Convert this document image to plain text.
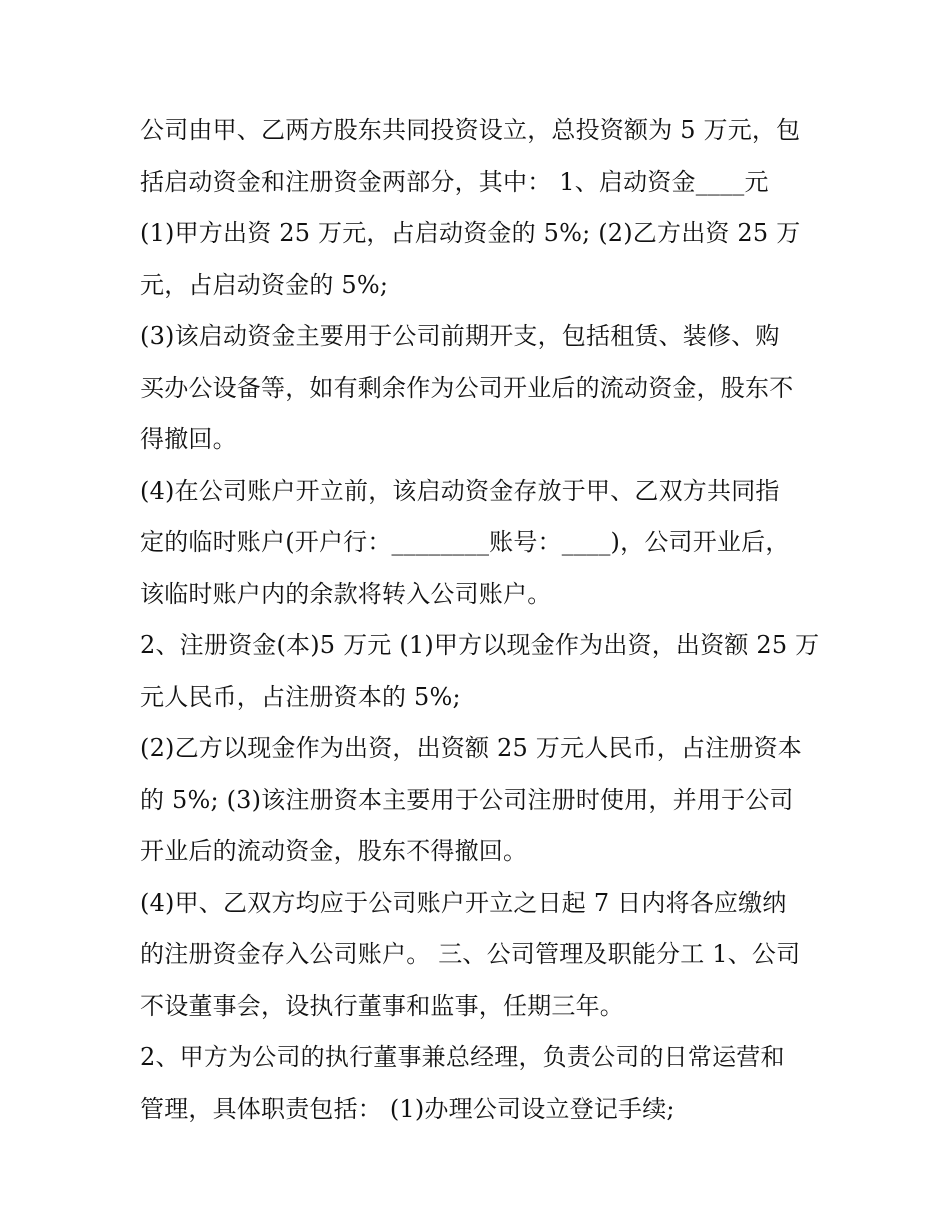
公司由甲、乙两方股东共同投资设立，总投资额为 5 万元，包
括启动资金和注册资金两部分，其中： 1、启动资金____元
(1)甲方出资 25 万元，占启动资金的 5%; (2)乙方出资 25 万
元，占启动资金的 5%;
(3)该启动资金主要用于公司前期开支，包括租赁、装修、购
买办公设备等，如有剩余作为公司开业后的流动资金，股东不
得撤回。
(4)在公司账户开立前，该启动资金存放于甲、乙双方共同指
定的临时账户(开户行：________账号：____)，公司开业后，
该临时账户内的余款将转入公司账户。
2、注册资金(本)5 万元 (1)甲方以现金作为出资，出资额 25 万
元人民币，占注册资本的 5%;
(2)乙方以现金作为出资，出资额 25 万元人民币，占注册资本
的 5%; (3)该注册资本主要用于公司注册时使用，并用于公司
开业后的流动资金，股东不得撤回。
(4)甲、乙双方均应于公司账户开立之日起 7 日内将各应缴纳
的注册资金存入公司账户。 三、公司管理及职能分工 1、公司
不设董事会，设执行董事和监事，任期三年。
2、甲方为公司的执行董事兼总经理，负责公司的日常运营和
管理，具体职责包括： (1)办理公司设立登记手续;
